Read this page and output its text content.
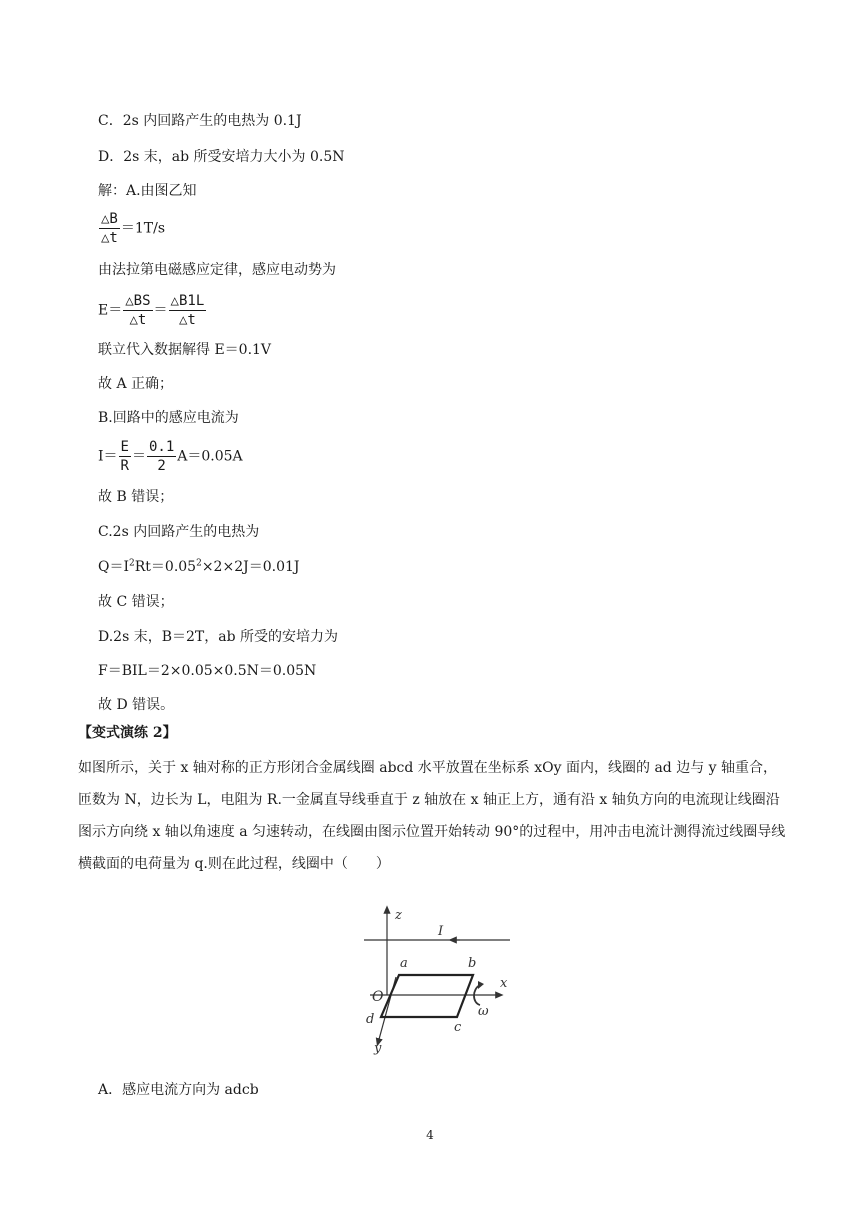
C．2s 内回路产生的电热为 0.1J
D．2s 末，ab 所受安培力大小为 0.5N
解：A.由图乙知
$\frac{\triangle B}{\triangle t} =1T/s$
由法拉第电磁感应定律，感应电动势为
$E= \frac{\triangle BS}{\triangle t} = \frac{\triangle B1L}{\triangle t}$
联立代入数据解得 E＝0.1V
故 A 正确；
B.回路中的感应电流为
$I= \frac{E}{R} = \frac{0.1}{2} A=0.05A$
故 B 错误；
C.2s 内回路产生的电热为
$Q=I^2Rt=0.05^2\times 2\times 2J=0.01J$
故 C 错误；
D.2s 末，B＝2T，ab 所受的安培力为
F＝BIL＝2×0.05×0.5N＝0.05N
故 D 错误。
【变式演练 2】
如图所示，关于 x 轴对称的正方形闭合金属线圈 abcd 水平放置在坐标系 xOy 面内，线圈的 ad 边与 y 轴重合，匝数为 N，边长为 L，电阻为 R.一金属直导线垂直于 z 轴放在 x 轴正上方，通有沿 x 轴负方向的电流现让线圈沿图示方向绕 x 轴以角速度 a 匀速转动，在线圈由图示位置开始转动 90°的过程中，用冲击电流计测得流过线圈导线横截面的电荷量为 q.则在此过程，线圈中（　　）
z
I
x
y
ω
a	b
O
d
c
A．感应电流方向为 adcb
4
